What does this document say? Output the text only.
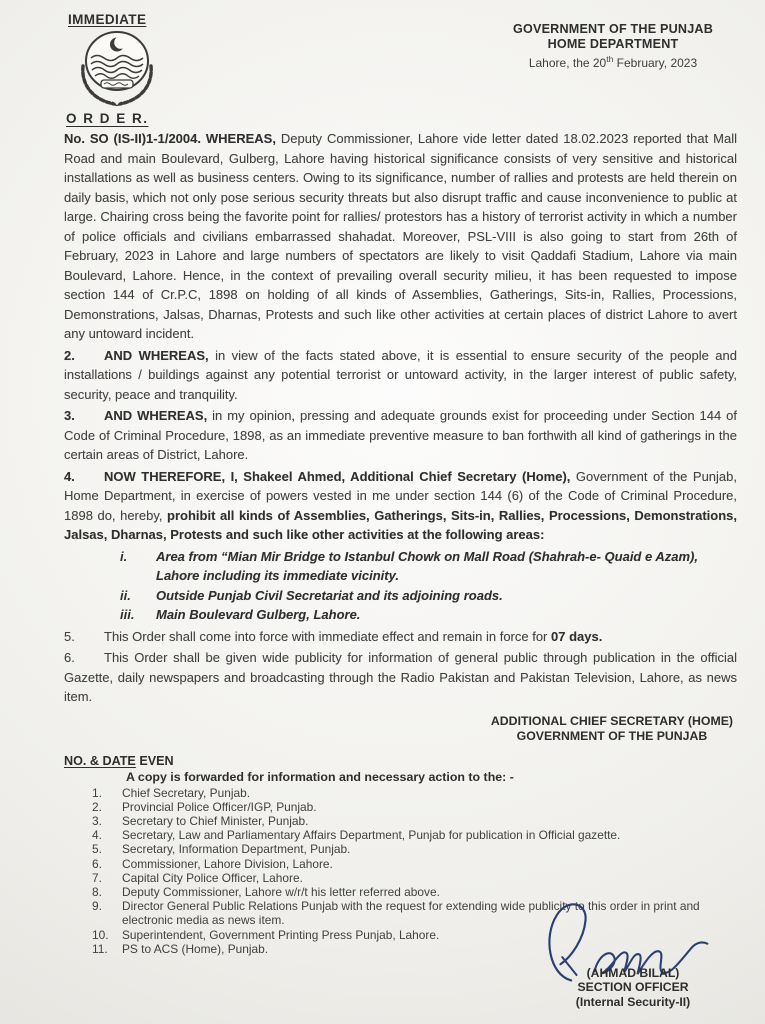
IMMEDIATE
O R D E R.
GOVERNMENT OF THE PUNJAB
HOME DEPARTMENT
Lahore, the 20th February, 2023

No. SO (IS-II)1-1/2004. WHEREAS, Deputy Commissioner, Lahore vide letter dated 18.02.2023 reported that Mall Road and main Boulevard, Gulberg, Lahore having historical significance consists of very sensitive and historical installations as well as business centers. Owing to its significance, number of rallies and protests are held therein on daily basis, which not only pose serious security threats but also disrupt traffic and cause inconvenience to public at large. Chairing cross being the favorite point for rallies/ protestors has a history of terrorist activity in which a number of police officials and civilians embarrassed shahadat. Moreover, PSL-VIII is also going to start from 26th of February, 2023 in Lahore and large numbers of spectators are likely to visit Qaddafi Stadium, Lahore via main Boulevard, Lahore. Hence, in the context of prevailing overall security milieu, it has been requested to impose section 144 of Cr.P.C, 1898 on holding of all kinds of Assemblies, Gatherings, Sits-in, Rallies, Processions, Demonstrations, Jalsas, Dharnas, Protests and such like other activities at certain places of district Lahore to avert any untoward incident.

2. AND WHEREAS, in view of the facts stated above, it is essential to ensure security of the people and installations / buildings against any potential terrorist or untoward activity, in the larger interest of public safety, security, peace and tranquility.

3. AND WHEREAS, in my opinion, pressing and adequate grounds exist for proceeding under Section 144 of Code of Criminal Procedure, 1898, as an immediate preventive measure to ban forthwith all kind of gatherings in the certain areas of District, Lahore.

4. NOW THEREFORE, I, Shakeel Ahmed, Additional Chief Secretary (Home), Government of the Punjab, Home Department, in exercise of powers vested in me under section 144 (6) of the Code of Criminal Procedure, 1898 do, hereby, prohibit all kinds of Assemblies, Gatherings, Sits-in, Rallies, Processions, Demonstrations, Jalsas, Dharnas, Protests and such like other activities at the following areas:

i.	Area from “Mian Mir Bridge to Istanbul Chowk on Mall Road (Shahrah-e- Quaid e Azam), Lahore including its immediate vicinity.
ii.	Outside Punjab Civil Secretariat and its adjoining roads.
iii.	Main Boulevard Gulberg, Lahore.

5. This Order shall come into force with immediate effect and remain in force for 07 days.

6. This Order shall be given wide publicity for information of general public through publication in the official Gazette, daily newspapers and broadcasting through the Radio Pakistan and Pakistan Television, Lahore, as news item.

ADDITIONAL CHIEF SECRETARY (HOME)
GOVERNMENT OF THE PUNJAB
NO. & DATE EVEN
A copy is forwarded for information and necessary action to the: -
1.	Chief Secretary, Punjab.
2.	Provincial Police Officer/IGP, Punjab.
3.	Secretary to Chief Minister, Punjab.
4.	Secretary, Law and Parliamentary Affairs Department, Punjab for publication in Official gazette.
5.	Secretary, Information Department, Punjab.
6.	Commissioner, Lahore Division, Lahore.
7.	Capital City Police Officer, Lahore.
8.	Deputy Commissioner, Lahore w/r/t his letter referred above.
9.	Director General Public Relations Punjab with the request for extending wide publicity to this order in print and electronic media as news item.
10.	Superintendent, Government Printing Press Punjab, Lahore.
11.	PS to ACS (Home), Punjab.
(AHMAD BILAL)
SECTION OFFICER
(Internal Security-II)
